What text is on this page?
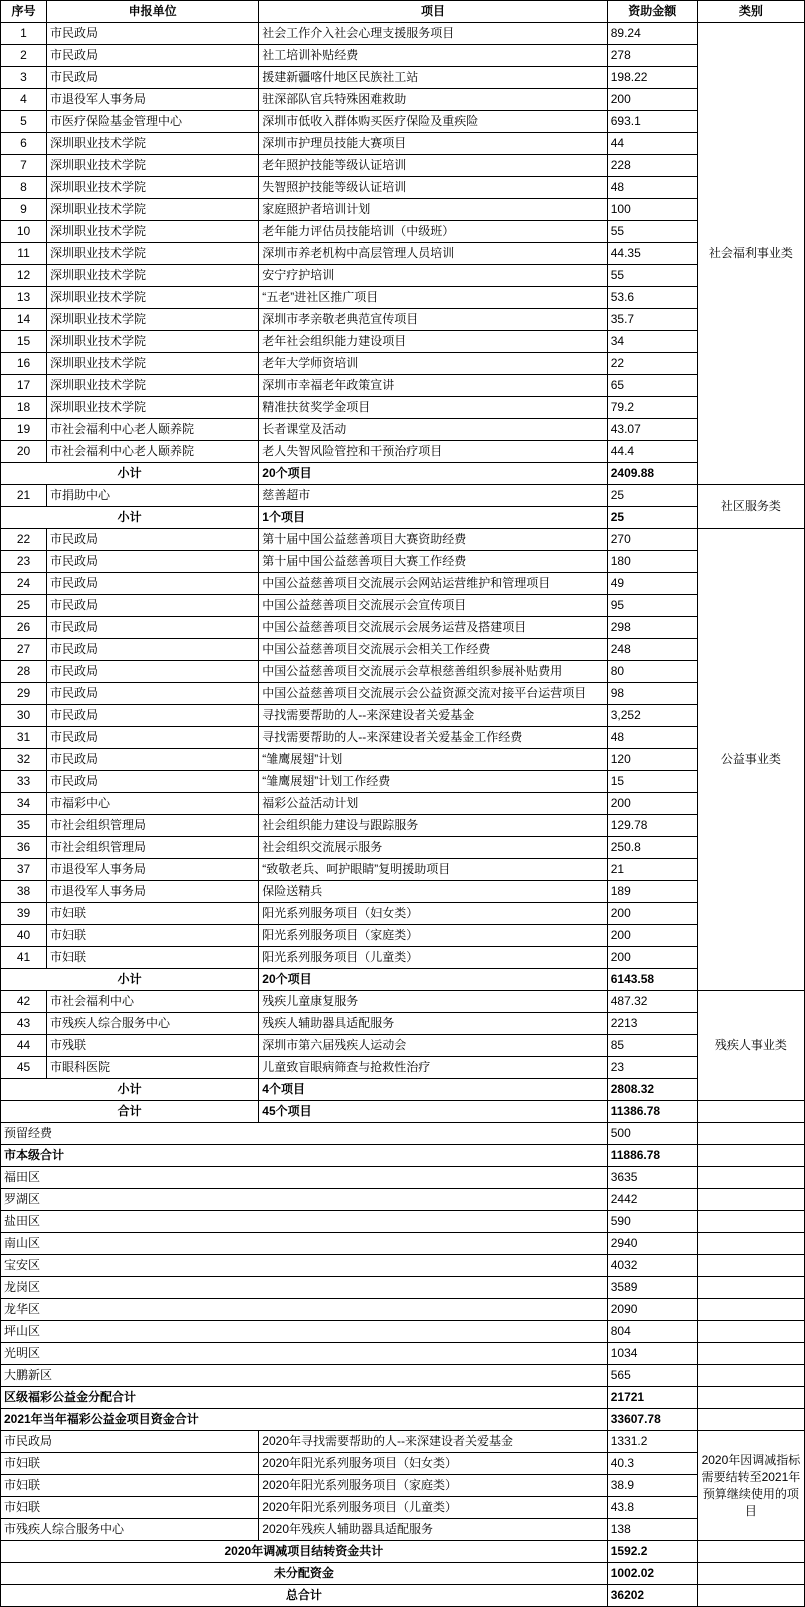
序号	申报单位	项目	资助金额	类别
1	市民政局	社会工作介入社会心理支援服务项目	89.24	社会福利事业类
2	市民政局	社工培训补贴经费	278	
3	市民政局	援建新疆喀什地区民族社工站	198.22	
4	市退役军人事务局	驻深部队官兵特殊困难救助	200	
5	市医疗保险基金管理中心	深圳市低收入群体购买医疗保险及重疾险	693.1	
6	深圳职业技术学院	深圳市护理员技能大赛项目	44	
7	深圳职业技术学院	老年照护技能等级认证培训	228	
8	深圳职业技术学院	失智照护技能等级认证培训	48	
9	深圳职业技术学院	家庭照护者培训计划	100	
10	深圳职业技术学院	老年能力评估员技能培训（中级班）	55	
11	深圳职业技术学院	深圳市养老机构中高层管理人员培训	44.35	
12	深圳职业技术学院	安宁疗护培训	55	
13	深圳职业技术学院	“五老”进社区推广项目	53.6	
14	深圳职业技术学院	深圳市孝亲敬老典范宣传项目	35.7	
15	深圳职业技术学院	老年社会组织能力建设项目	34	
16	深圳职业技术学院	老年大学师资培训	22	
17	深圳职业技术学院	深圳市幸福老年政策宣讲	65	
18	深圳职业技术学院	精准扶贫奖学金项目	79.2	
19	市社会福利中心老人颐养院	长者课堂及活动	43.07	
20	市社会福利中心老人颐养院	老人失智风险管控和干预治疗项目	44.4	
小计		20个项目	2409.88	
21	市捐助中心	慈善超市	25	社区服务类
小计		1个项目	25	
22	市民政局	第十届中国公益慈善项目大赛资助经费	270	公益事业类
23	市民政局	第十届中国公益慈善项目大赛工作经费	180	
24	市民政局	中国公益慈善项目交流展示会网站运营维护和管理项目	49	
25	市民政局	中国公益慈善项目交流展示会宣传项目	95	
26	市民政局	中国公益慈善项目交流展示会展务运营及搭建项目	298	
27	市民政局	中国公益慈善项目交流展示会相关工作经费	248	
28	市民政局	中国公益慈善项目交流展示会草根慈善组织参展补贴费用	80	
29	市民政局	中国公益慈善项目交流展示会公益资源交流对接平台运营项目	98	
30	市民政局	寻找需要帮助的人--来深建设者关爱基金	3,252	
31	市民政局	寻找需要帮助的人--来深建设者关爱基金工作经费	48	
32	市民政局	“雏鹰展翅”计划	120	
33	市民政局	“雏鹰展翅”计划工作经费	15	
34	市福彩中心	福彩公益活动计划	200	
35	市社会组织管理局	社会组织能力建设与跟踪服务	129.78	
36	市社会组织管理局	社会组织交流展示服务	250.8	
37	市退役军人事务局	“致敬老兵、呵护眼睛”复明援助项目	21	
38	市退役军人事务局	保险送精兵	189	
39	市妇联	阳光系列服务项目（妇女类）	200	
40	市妇联	阳光系列服务项目（家庭类）	200	
41	市妇联	阳光系列服务项目（儿童类）	200	
小计		20个项目	6143.58	
42	市社会福利中心	残疾儿童康复服务	487.32	残疾人事业类
43	市残疾人综合服务中心	残疾人辅助器具适配服务	2213	
44	市残联	深圳市第六届残疾人运动会	85	
45	市眼科医院	儿童致盲眼病筛查与抢救性治疗	23	
小计		4个项目	2808.32	
合计		45个项目	11386.78	
预留经费			500	
市本级合计			11886.78	
福田区			3635	
罗湖区			2442	
盐田区			590	
南山区			2940	
宝安区			4032	
龙岗区			3589	
龙华区			2090	
坪山区			804	
光明区			1034	
大鹏新区			565	
区级福彩公益金分配合计			21721	
2021年当年福彩公益金项目资金合计			33607.78	
市民政局		2020年寻找需要帮助的人--来深建设者关爱基金	1331.2	2020年因调减指标需要结转至2021年预算继续使用的项目
市妇联		2020年阳光系列服务项目（妇女类）	40.3	
市妇联		2020年阳光系列服务项目（家庭类）	38.9	
市妇联		2020年阳光系列服务项目（儿童类）	43.8	
市残疾人综合服务中心		2020年残疾人辅助器具适配服务	138	
2020年调减项目结转资金共计			1592.2	
未分配资金			1002.02	
总合计			36202	
